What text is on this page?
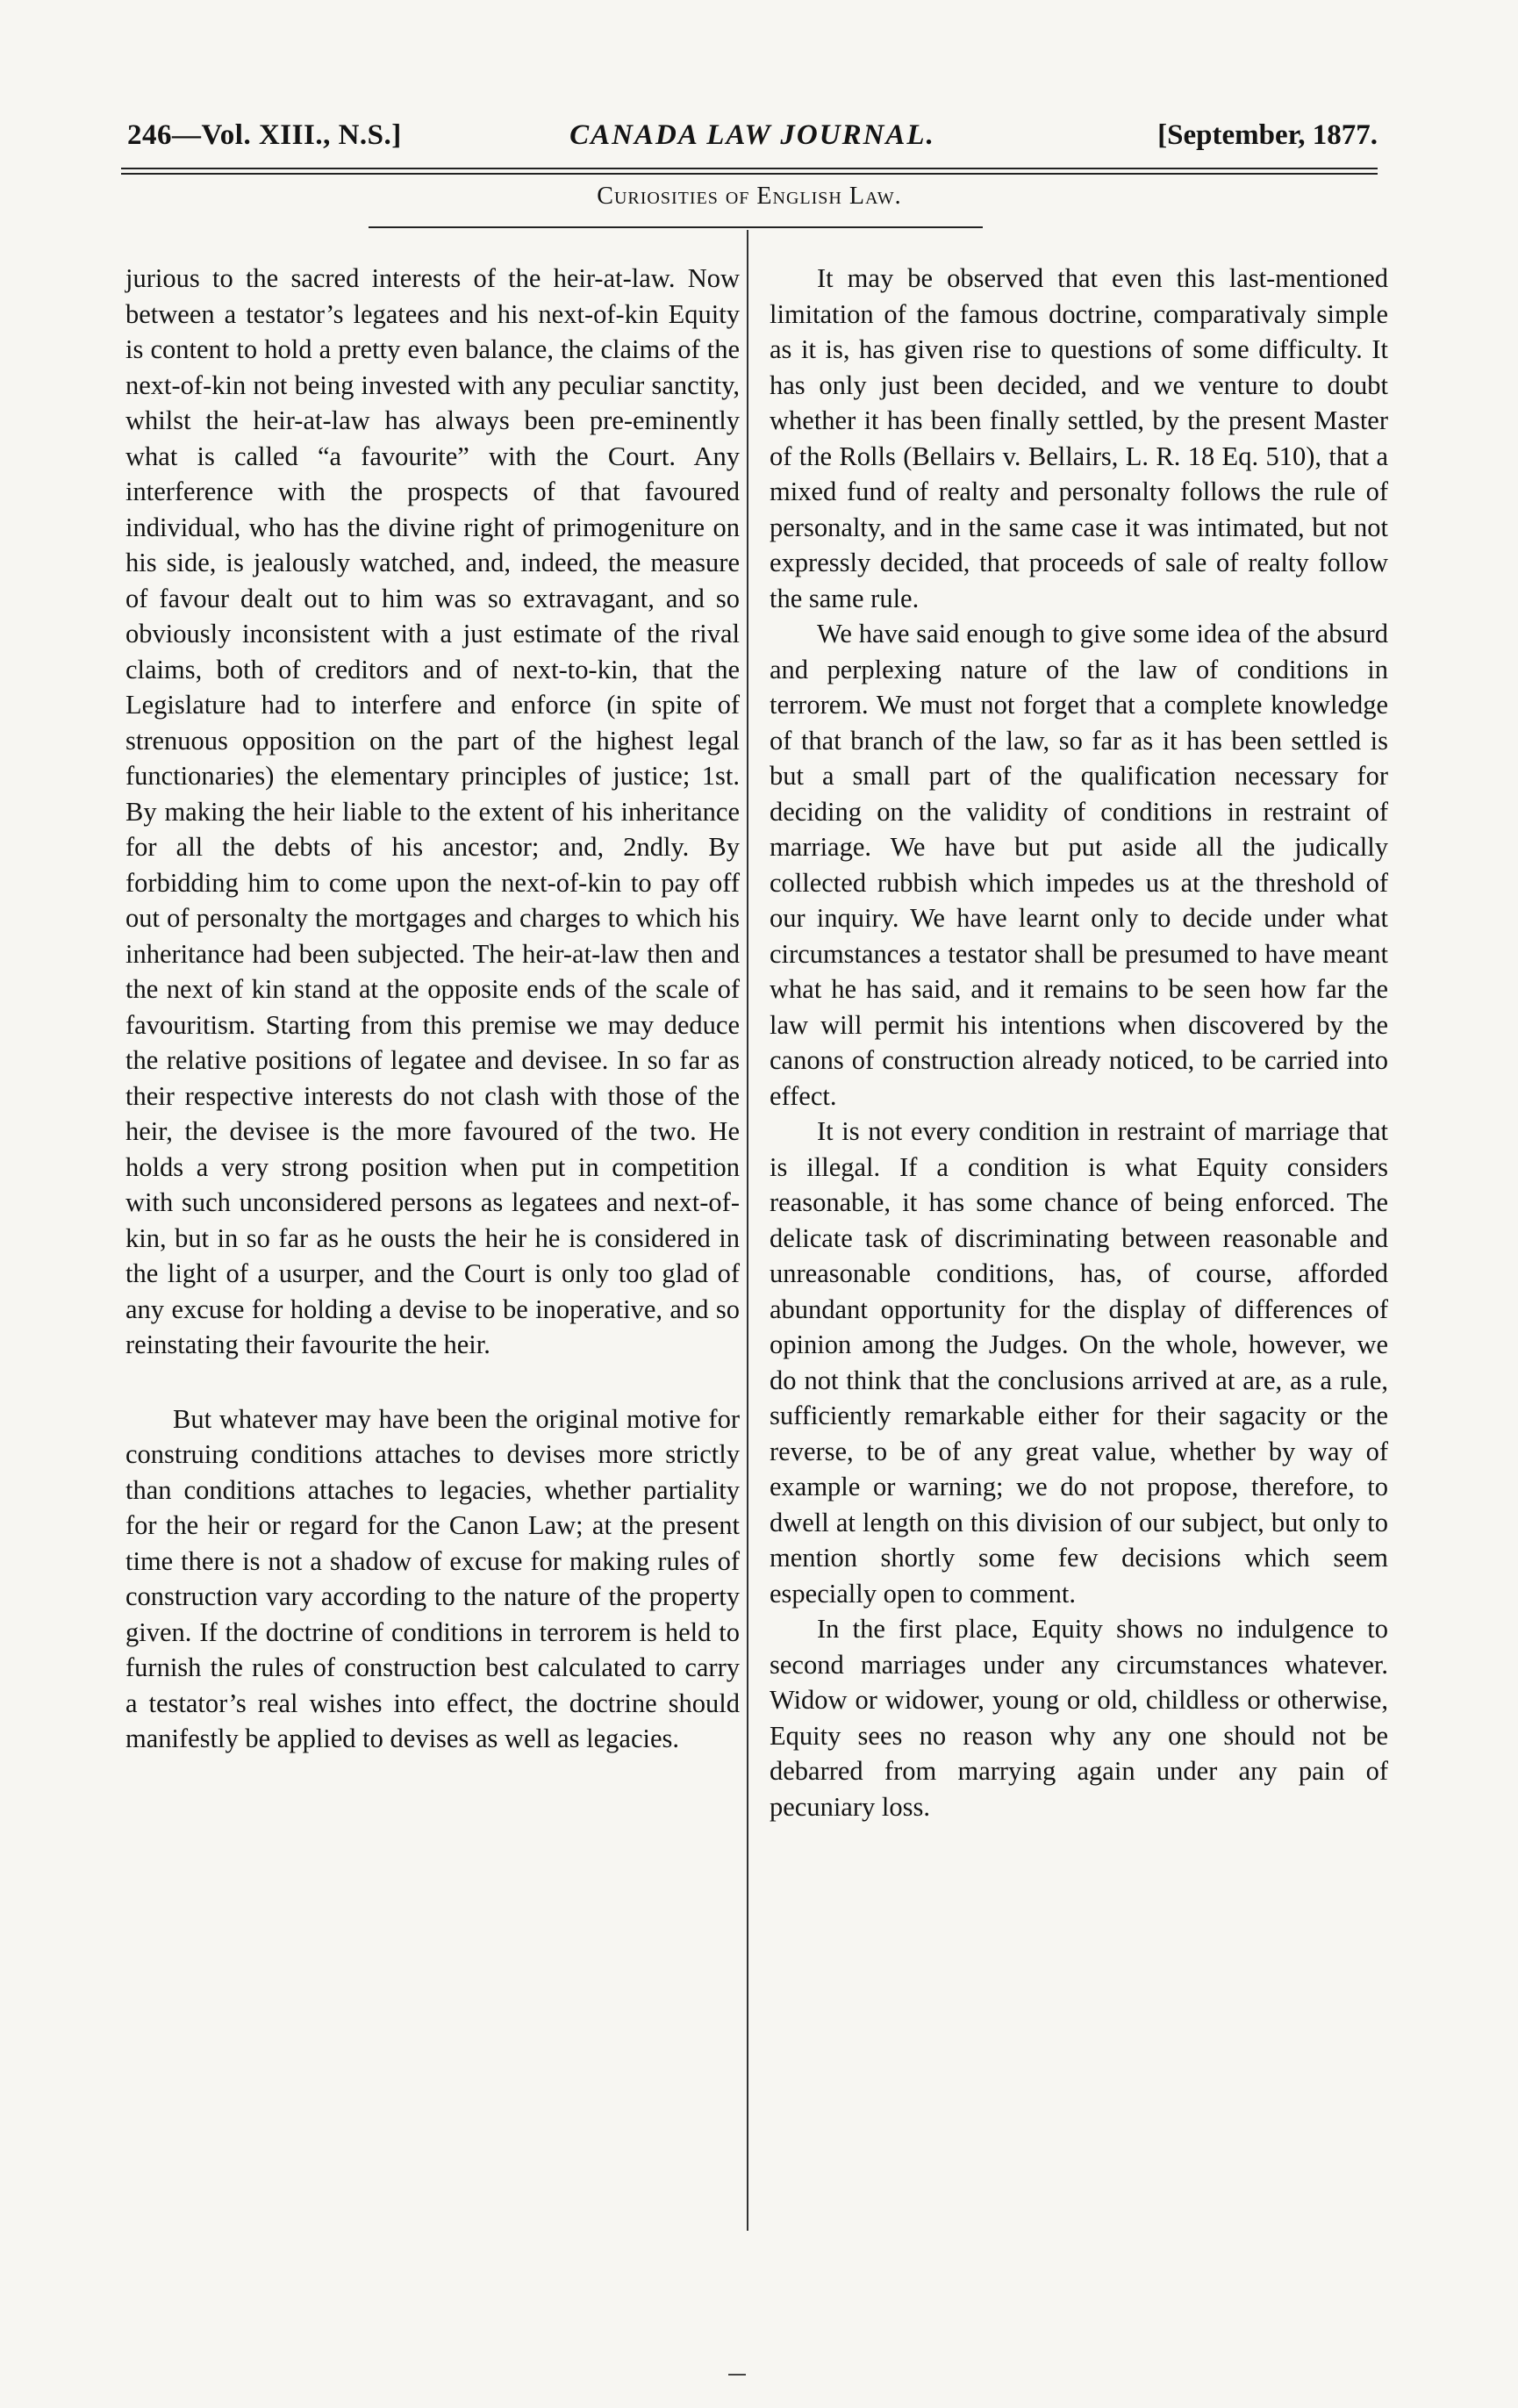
246—Vol. XIII., N.S.]	CANADA LAW JOURNAL.	[September, 1877.
Curiosities of English Law.

jurious to the sacred interests of the heir-at-law. Now between a testator’s legatees and his next-of-kin Equity is content to hold a pretty even balance, the claims of the next-of-kin not being invested with any peculiar sanctity, whilst the heir-at-law has always been pre-eminently what is called “a favourite” with the Court. Any interference with the prospects of that favoured individual, who has the divine right of primogeniture on his side, is jealously watched, and, indeed, the measure of favour dealt out to him was so extravagant, and so obviously inconsistent with a just estimate of the rival claims, both of creditors and of next-to-kin, that the Legislature had to interfere and enforce (in spite of strenuous opposition on the part of the highest legal functionaries) the elementary principles of justice; 1st. By making the heir liable to the extent of his inheritance for all the debts of his ancestor; and, 2ndly. By forbidding him to come upon the next-of-kin to pay off out of personalty the mortgages and charges to which his inheritance had been subjected. The heir-at-law then and the next of kin stand at the opposite ends of the scale of favouritism. Starting from this premise we may deduce the relative positions of legatee and devisee. In so far as their respective interests do not clash with those of the heir, the devisee is the more favoured of the two. He holds a very strong position when put in competition with such unconsidered persons as legatees and next-of-kin, but in so far as he ousts the heir he is considered in the light of a usurper, and the Court is only too glad of any excuse for holding a devise to be inoperative, and so reinstating their favourite the heir.

But whatever may have been the original motive for construing conditions attaches to devises more strictly than conditions attaches to legacies, whether partiality for the heir or regard for the Canon Law; at the present time there is not a shadow of excuse for making rules of construction vary according to the nature of the property given. If the doctrine of conditions in terrorem is held to furnish the rules of construction best calculated to carry a testator’s real wishes into effect, the doctrine should manifestly be applied to devises as well as legacies.

It may be observed that even this last-mentioned limitation of the famous doctrine, comparativaly simple as it is, has given rise to questions of some difficulty. It has only just been decided, and we venture to doubt whether it has been finally settled, by the present Master of the Rolls (Bellairs v. Bellairs, L. R. 18 Eq. 510), that a mixed fund of realty and personalty follows the rule of personalty, and in the same case it was intimated, but not expressly decided, that proceeds of sale of realty follow the same rule.

We have said enough to give some idea of the absurd and perplexing nature of the law of conditions in terrorem. We must not forget that a complete knowledge of that branch of the law, so far as it has been settled is but a small part of the qualification necessary for deciding on the validity of conditions in restraint of marriage. We have but put aside all the judically collected rubbish which impedes us at the threshold of our inquiry. We have learnt only to decide under what circumstances a testator shall be presumed to have meant what he has said, and it remains to be seen how far the law will permit his intentions when discovered by the canons of construction already noticed, to be carried into effect.

It is not every condition in restraint of marriage that is illegal. If a condition is what Equity considers reasonable, it has some chance of being enforced. The delicate task of discriminating between reasonable and unreasonable conditions, has, of course, afforded abundant opportunity for the display of differences of opinion among the Judges. On the whole, however, we do not think that the conclusions arrived at are, as a rule, sufficiently remarkable either for their sagacity or the reverse, to be of any great value, whether by way of example or warning; we do not propose, therefore, to dwell at length on this division of our subject, but only to mention shortly some few decisions which seem especially open to comment.

In the first place, Equity shows no indulgence to second marriages under any circumstances whatever. Widow or widower, young or old, childless or otherwise, Equity sees no reason why any one should not be debarred from marrying again under any pain of pecuniary loss.
